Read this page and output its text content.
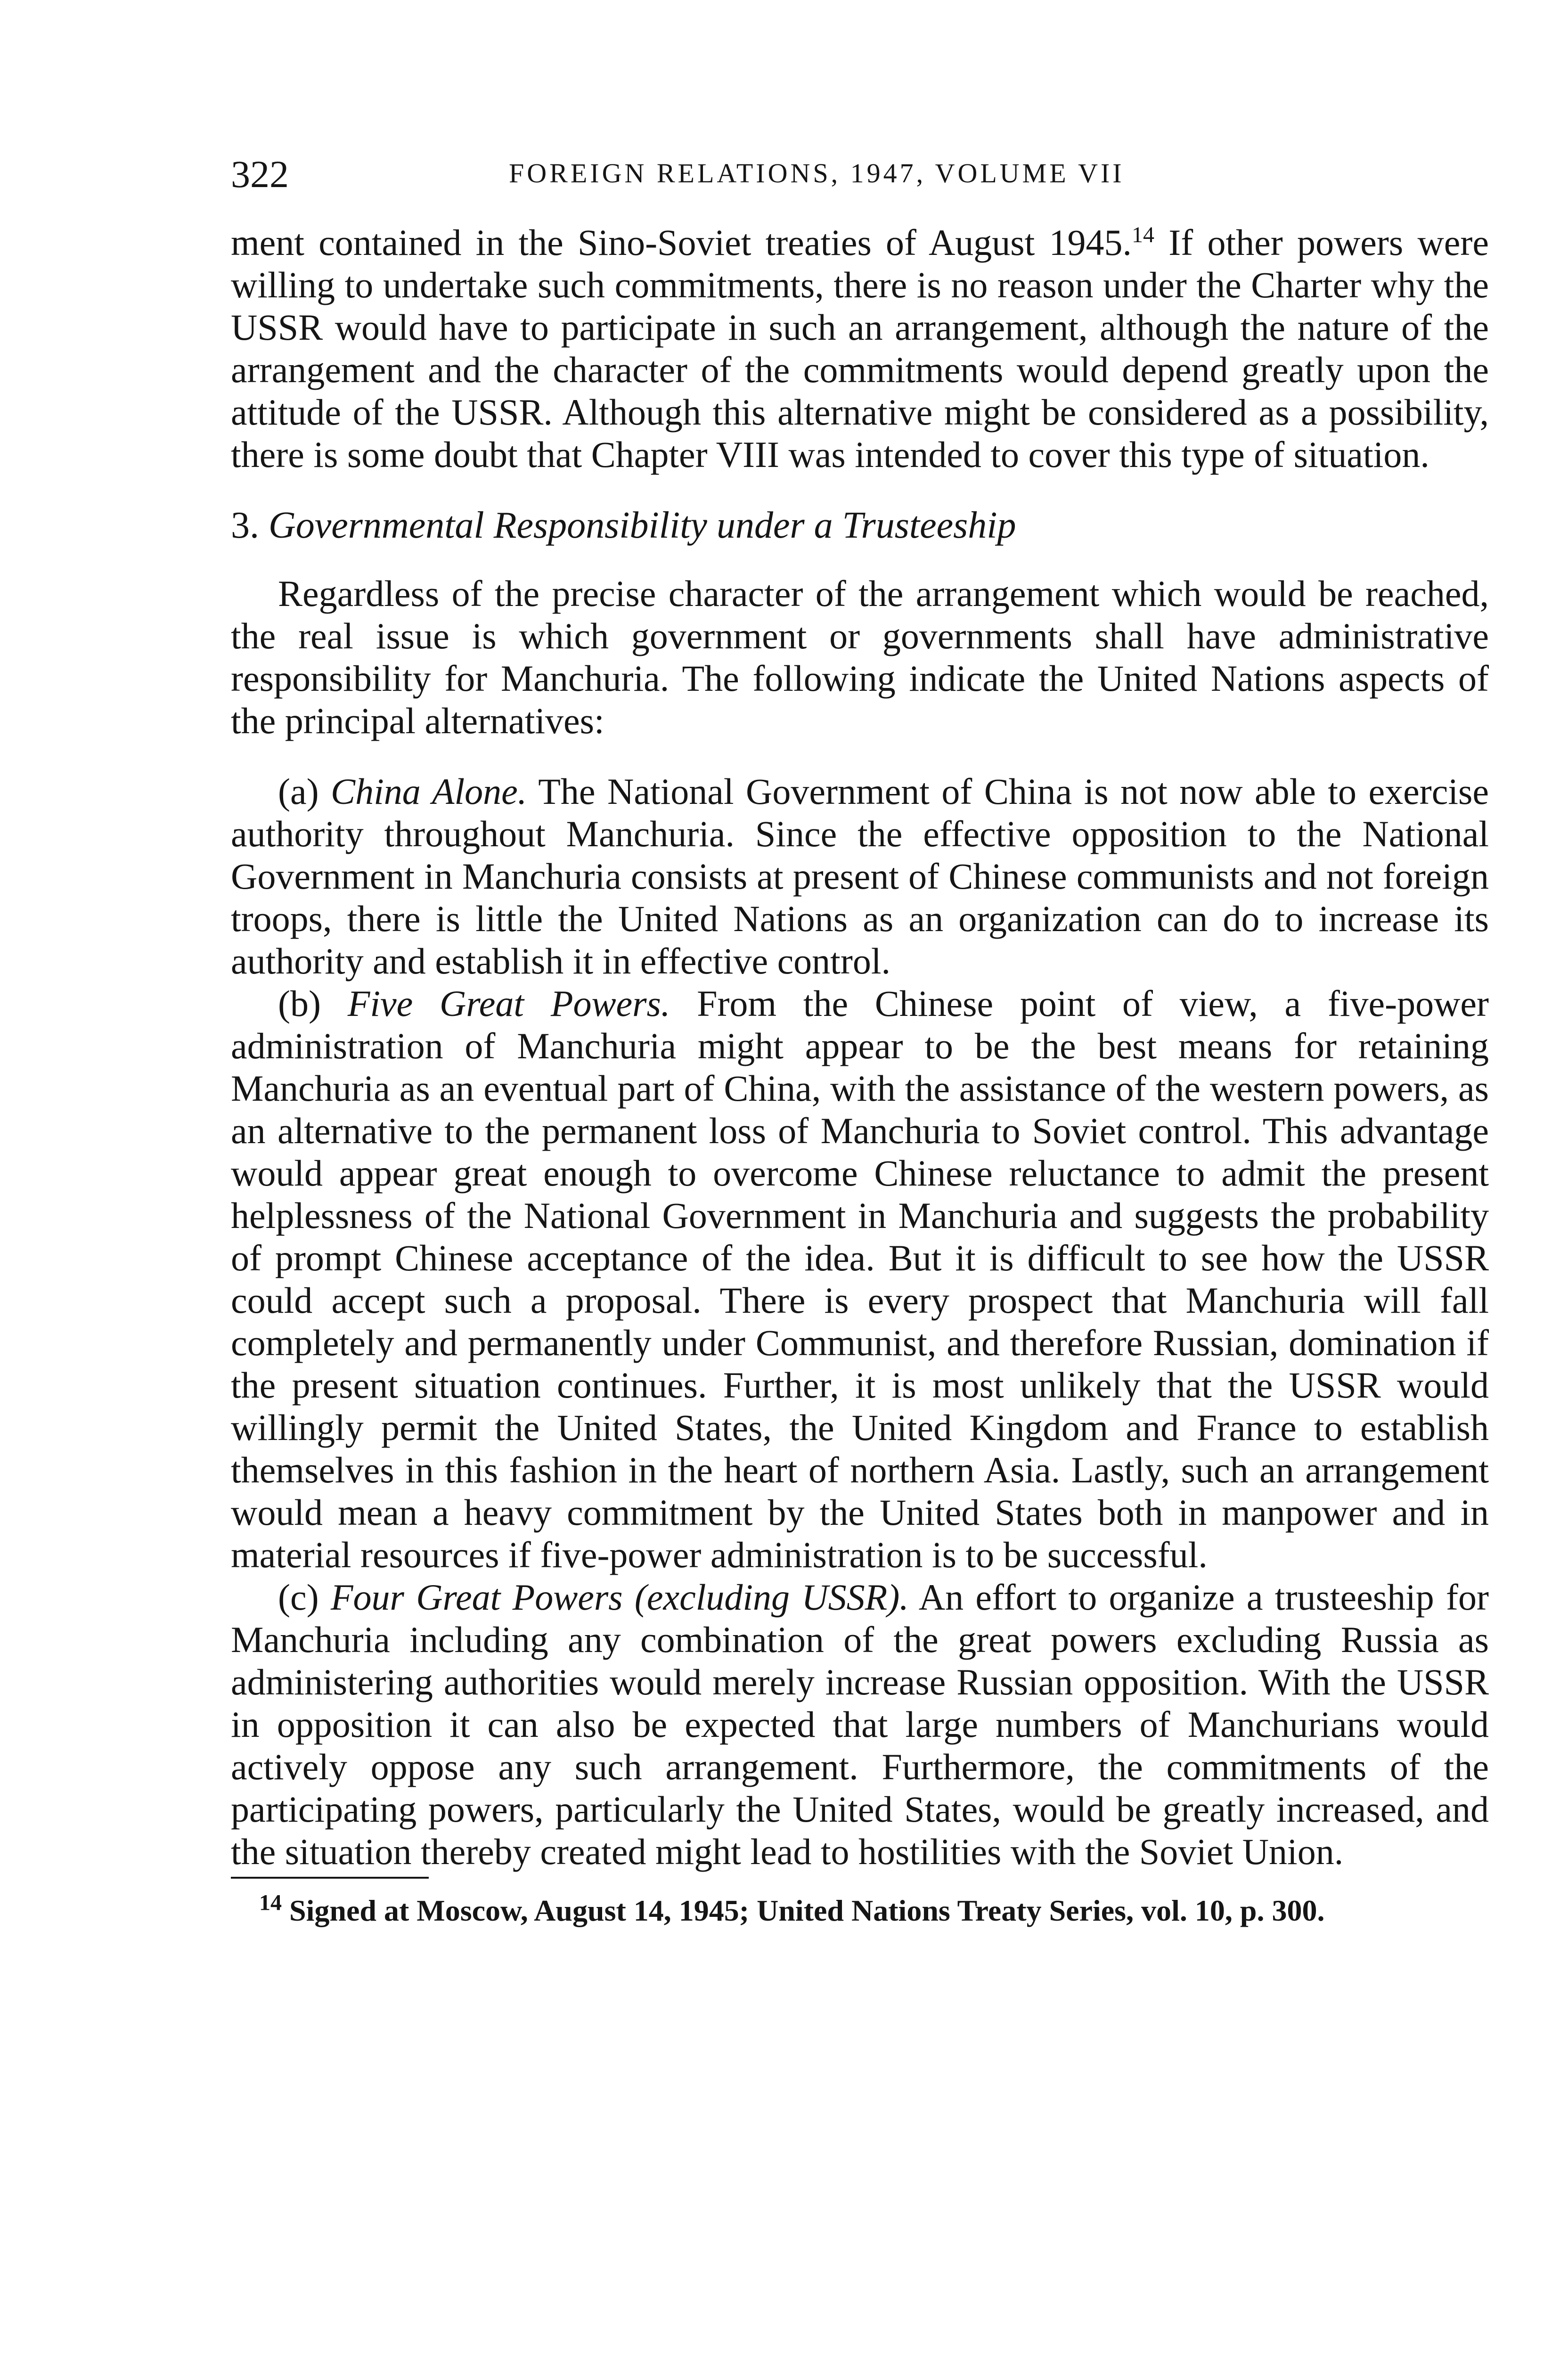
322	FOREIGN RELATIONS, 1947, VOLUME VII

ment contained in the Sino-Soviet treaties of August 1945.14 If other powers were willing to undertake such commitments, there is no reason under the Charter why the USSR would have to participate in such an arrangement, although the nature of the arrangement and the character of the commitments would depend greatly upon the attitude of the USSR. Although this alternative might be considered as a possibility, there is some doubt that Chapter VIII was intended to cover this type of situation.

3. Governmental Responsibility under a Trusteeship

Regardless of the precise character of the arrangement which would be reached, the real issue is which government or governments shall have administrative responsibility for Manchuria. The following indicate the United Nations aspects of the principal alternatives:

(a) China Alone. The National Government of China is not now able to exercise authority throughout Manchuria. Since the effective opposition to the National Government in Manchuria consists at present of Chinese communists and not foreign troops, there is little the United Nations as an organization can do to increase its authority and establish it in effective control.

(b) Five Great Powers. From the Chinese point of view, a five-power administration of Manchuria might appear to be the best means for retaining Manchuria as an eventual part of China, with the assistance of the western powers, as an alternative to the permanent loss of Manchuria to Soviet control. This advantage would appear great enough to overcome Chinese reluctance to admit the present helplessness of the National Government in Manchuria and suggests the probability of prompt Chinese acceptance of the idea. But it is difficult to see how the USSR could accept such a proposal. There is every prospect that Manchuria will fall completely and permanently under Communist, and therefore Russian, domination if the present situation continues. Further, it is most unlikely that the USSR would willingly permit the United States, the United Kingdom and France to establish themselves in this fashion in the heart of northern Asia. Lastly, such an arrangement would mean a heavy commitment by the United States both in manpower and in material resources if five-power administration is to be successful.

(c) Four Great Powers (excluding USSR). An effort to organize a trusteeship for Manchuria including any combination of the great powers excluding Russia as administering authorities would merely increase Russian opposition. With the USSR in opposition it can also be expected that large numbers of Manchurians would actively oppose any such arrangement. Furthermore, the commitments of the participating powers, particularly the United States, would be greatly increased, and the situation thereby created might lead to hostilities with the Soviet Union.

$^{14}$ Signed at Moscow, August 14, 1945; United Nations Treaty Series, vol. 10, p. 300.
